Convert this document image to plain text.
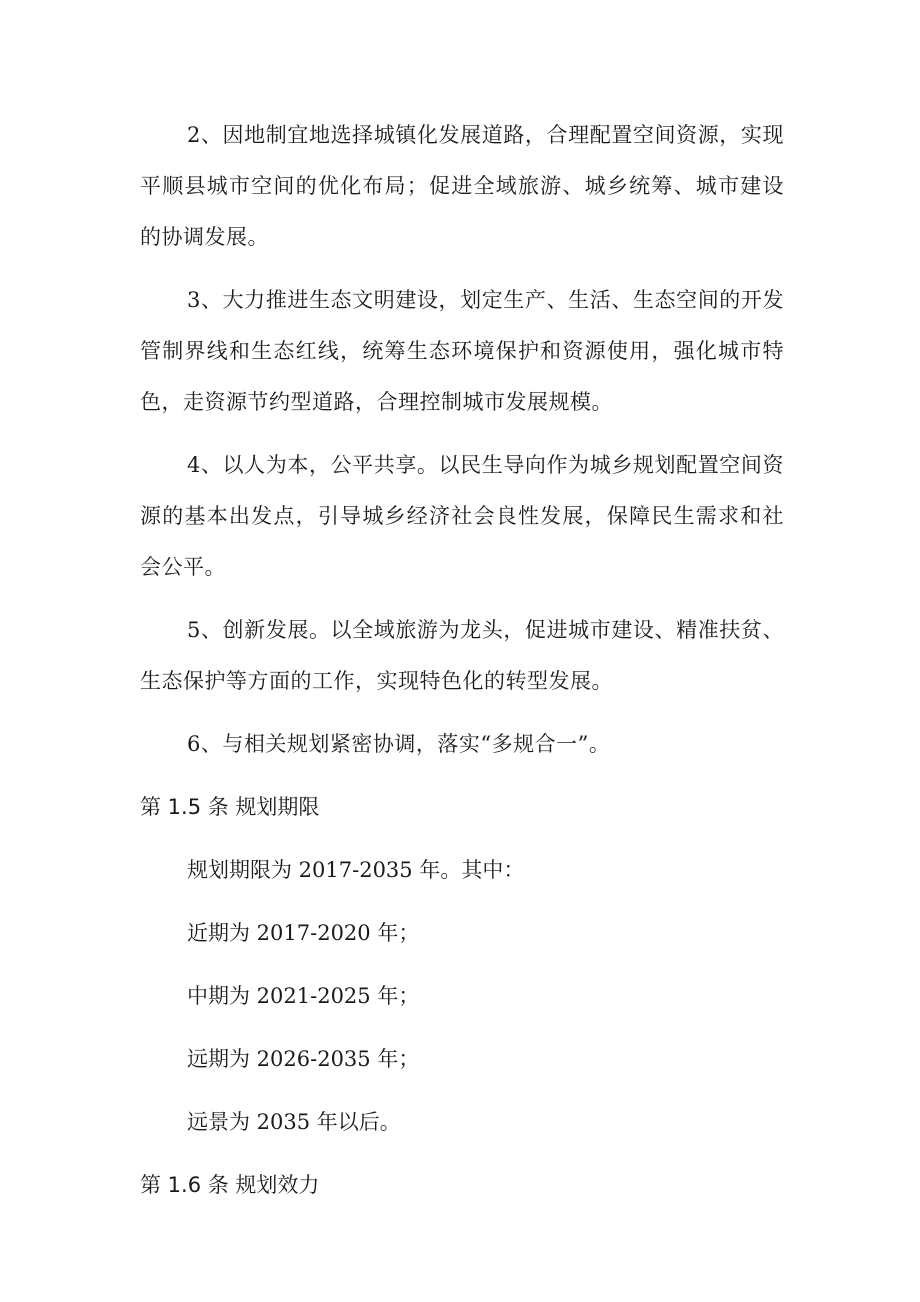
2、因地制宜地选择城镇化发展道路，合理配置空间资源，实现平顺县城市空间的优化布局；促进全域旅游、城乡统筹、城市建设的协调发展。

3、大力推进生态文明建设，划定生产、生活、生态空间的开发管制界线和生态红线，统筹生态环境保护和资源使用，强化城市特色，走资源节约型道路，合理控制城市发展规模。

4、以人为本，公平共享。以民生导向作为城乡规划配置空间资源的基本出发点，引导城乡经济社会良性发展，保障民生需求和社会公平。

5、创新发展。以全域旅游为龙头，促进城市建设、精准扶贫、生态保护等方面的工作，实现特色化的转型发展。

6、与相关规划紧密协调，落实“多规合一”。

第 1.5 条 规划期限

规划期限为 2017-2035 年。其中：

近期为 2017-2020 年；

中期为 2021-2025 年；

远期为 2026-2035 年；

远景为 2035 年以后。

第 1.6 条 规划效力
